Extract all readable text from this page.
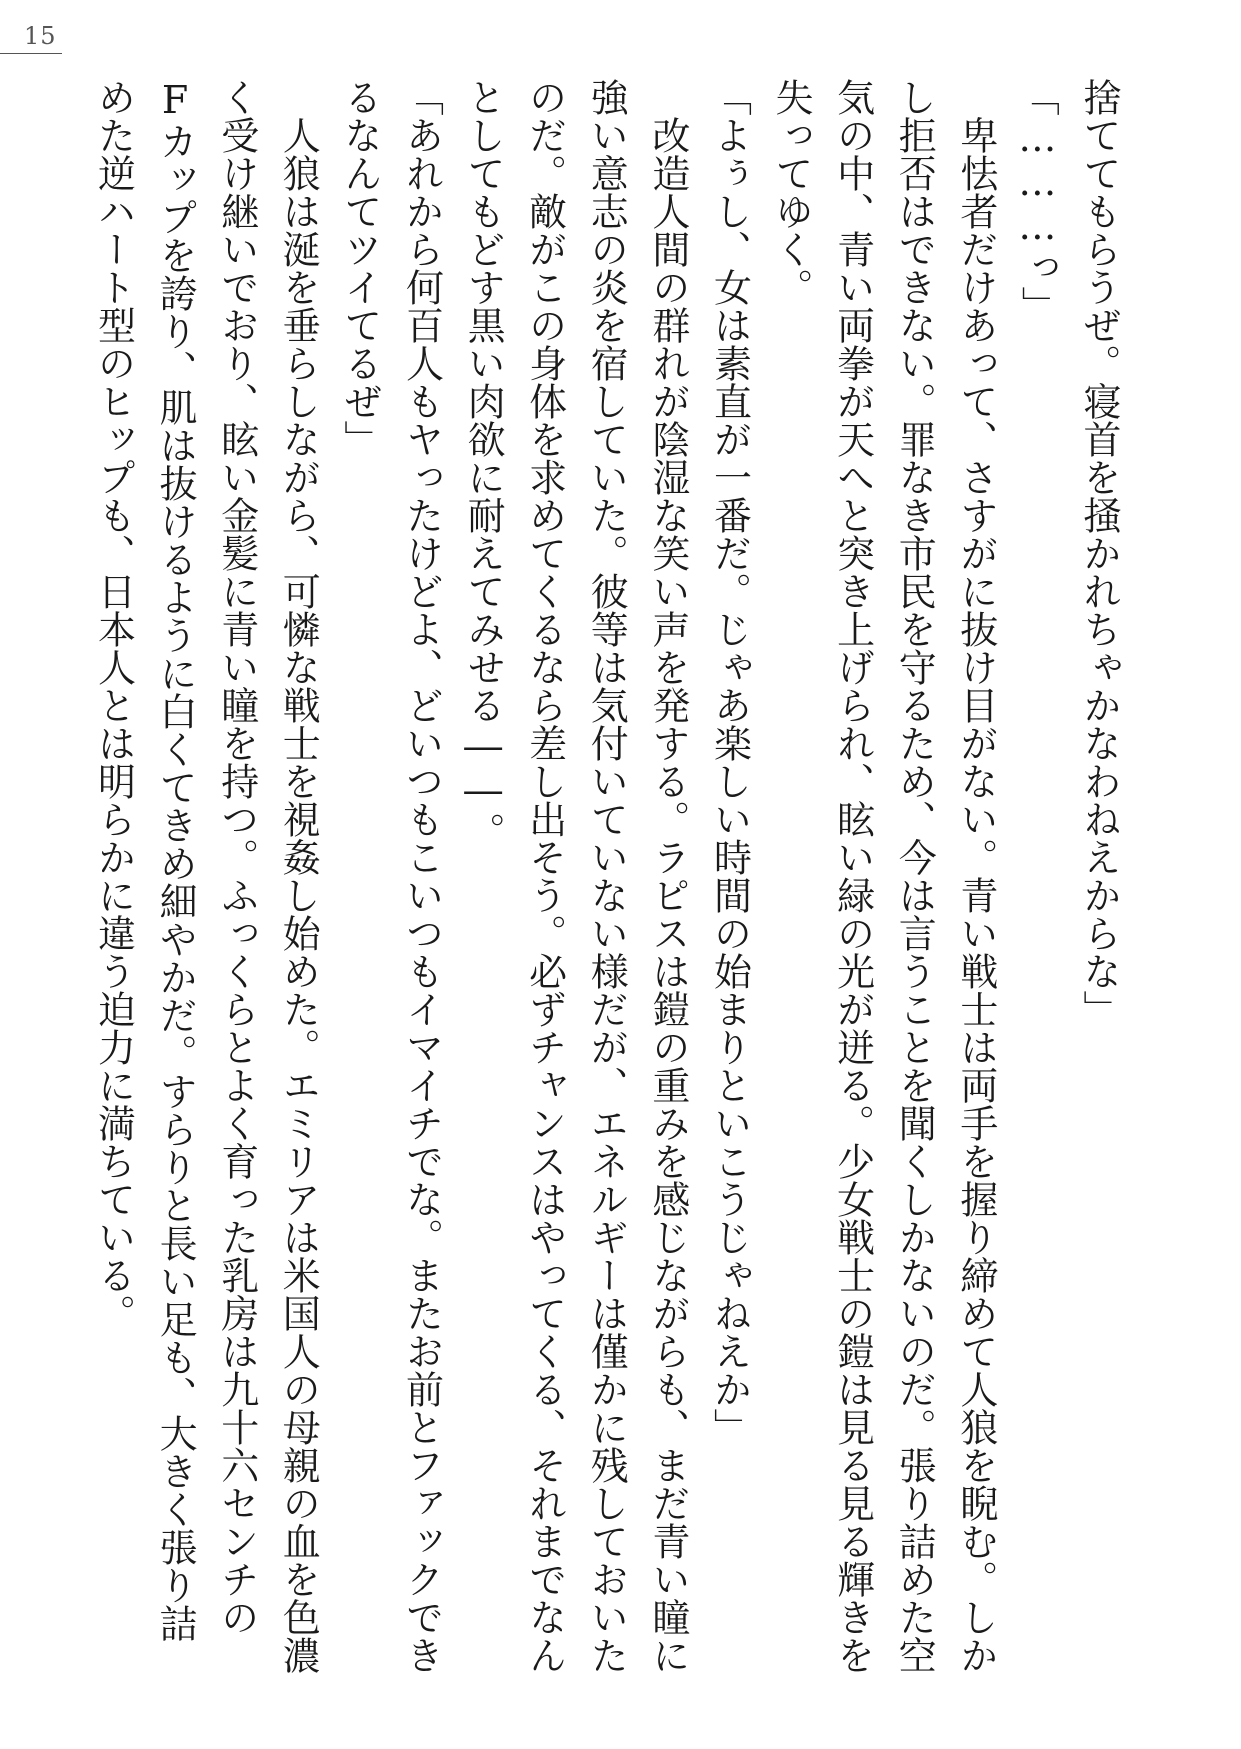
15

捨ててもらうぜ。寝首を掻かれちゃかなわねえからな」

「………っ」

卑怯者だけあって、さすがに抜け目がない。青い戦士は両手を握り締めて人狼を睨む。しかし拒否はできない。罪なき市民を守るため、今は言うことを聞くしかないのだ。張り詰めた空気の中、青い両拳が天へと突き上げられ、眩い緑の光が迸る。少女戦士の鎧は見る見る輝きを失ってゆく。

「よぅし、女は素直が一番だ。じゃあ楽しい時間の始まりといこうじゃねえか」

改造人間の群れが陰湿な笑い声を発する。ラピスは鎧の重みを感じながらも、まだ青い瞳に強い意志の炎を宿していた。彼等は気付いていない様だが、エネルギーは僅かに残しておいたのだ。敵がこの身体を求めてくるなら差し出そう。必ずチャンスはやってくる、それまでなんとしてもどす黒い肉欲に耐えてみせる――。

「あれから何百人もヤったけどよ、どいつもこいつもイマイチでな。またお前とファックできるなんてツイてるぜ」

人狼は涎を垂らしながら、可憐な戦士を視姦し始めた。エミリアは米国人の母親の血を色濃く受け継いでおり、眩い金髪に青い瞳を持つ。ふっくらとよく育った乳房は九十六センチのFカップを誇り、肌は抜けるように白くてきめ細やかだ。すらりと長い足も、大きく張り詰めた逆ハート型のヒップも、日本人とは明らかに違う迫力に満ちている。
